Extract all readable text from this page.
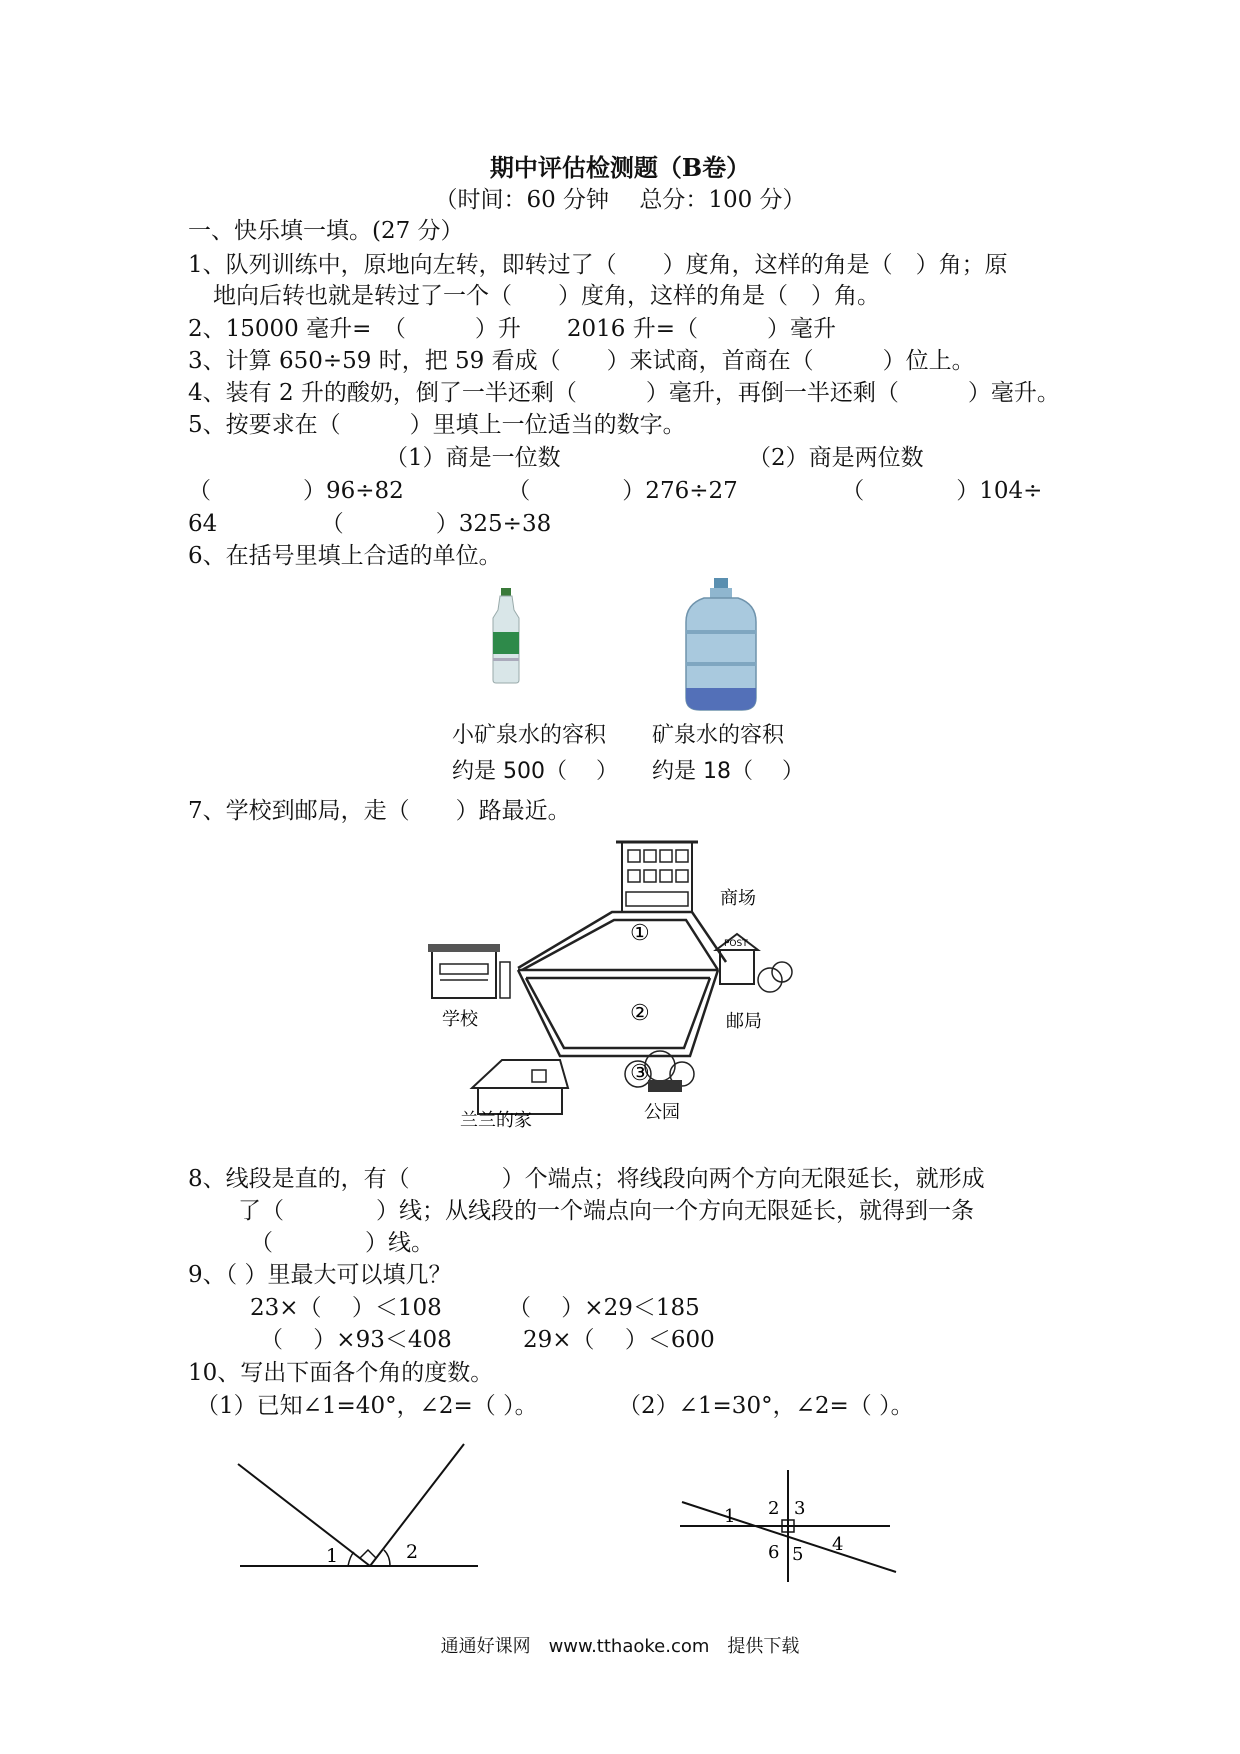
期中评估检测题（B卷）
（时间：60 分钟　 总分：100 分）
一、快乐填一填。(27 分）
1、队列训练中，原地向左转，即转过了（　　）度角，这样的角是（　）角；原
地向后转也就是转过了一个（　　）度角，这样的角是（　）角。
2、15000 毫升=　（　　　）升　　2016 升=（　　　）毫升
3、计算 650÷59 时，把 59 看成（　　）来试商，首商在（　　　）位上。
4、装有 2 升的酸奶，倒了一半还剩（　　　）毫升，再倒一半还剩（　　　）毫升。
5、按要求在（　　　）里填上一位适当的数字。
（1）商是一位数	（2）商是两位数
（　　　　）96÷82　　　　　（　　　　）276÷27　　　　　（　　　　）104÷
64　　　　　（　　　　）325÷38
6、在括号里填上合适的单位。
小矿泉水的容积
约是 500（　 ）
矿泉水的容积
约是 18（　 ）
7、学校到邮局，走（　　）路最近。
商场
学校
POST
邮局
兰兰的家	公园
①
②
③
8、线段是直的，有（　　　　）个端点；将线段向两个方向无限延长，就形成
了（　　　　）线；从线段的一个端点向一个方向无限延长，就得到一条
（　　　　）线。
9、（ ）里最大可以填几？
23×（　 ）＜108	（　 ）×29＜185
（　 ）×93＜408	29×（　 ）＜600
10、写出下面各个角的度数。
（1）已知∠1=40°，∠2=（ ）。	（2）∠1=30°，∠2=（ ）。
1	2
1 2 3
4
5
6
通通好课网　www.tthaoke.com　提供下载
